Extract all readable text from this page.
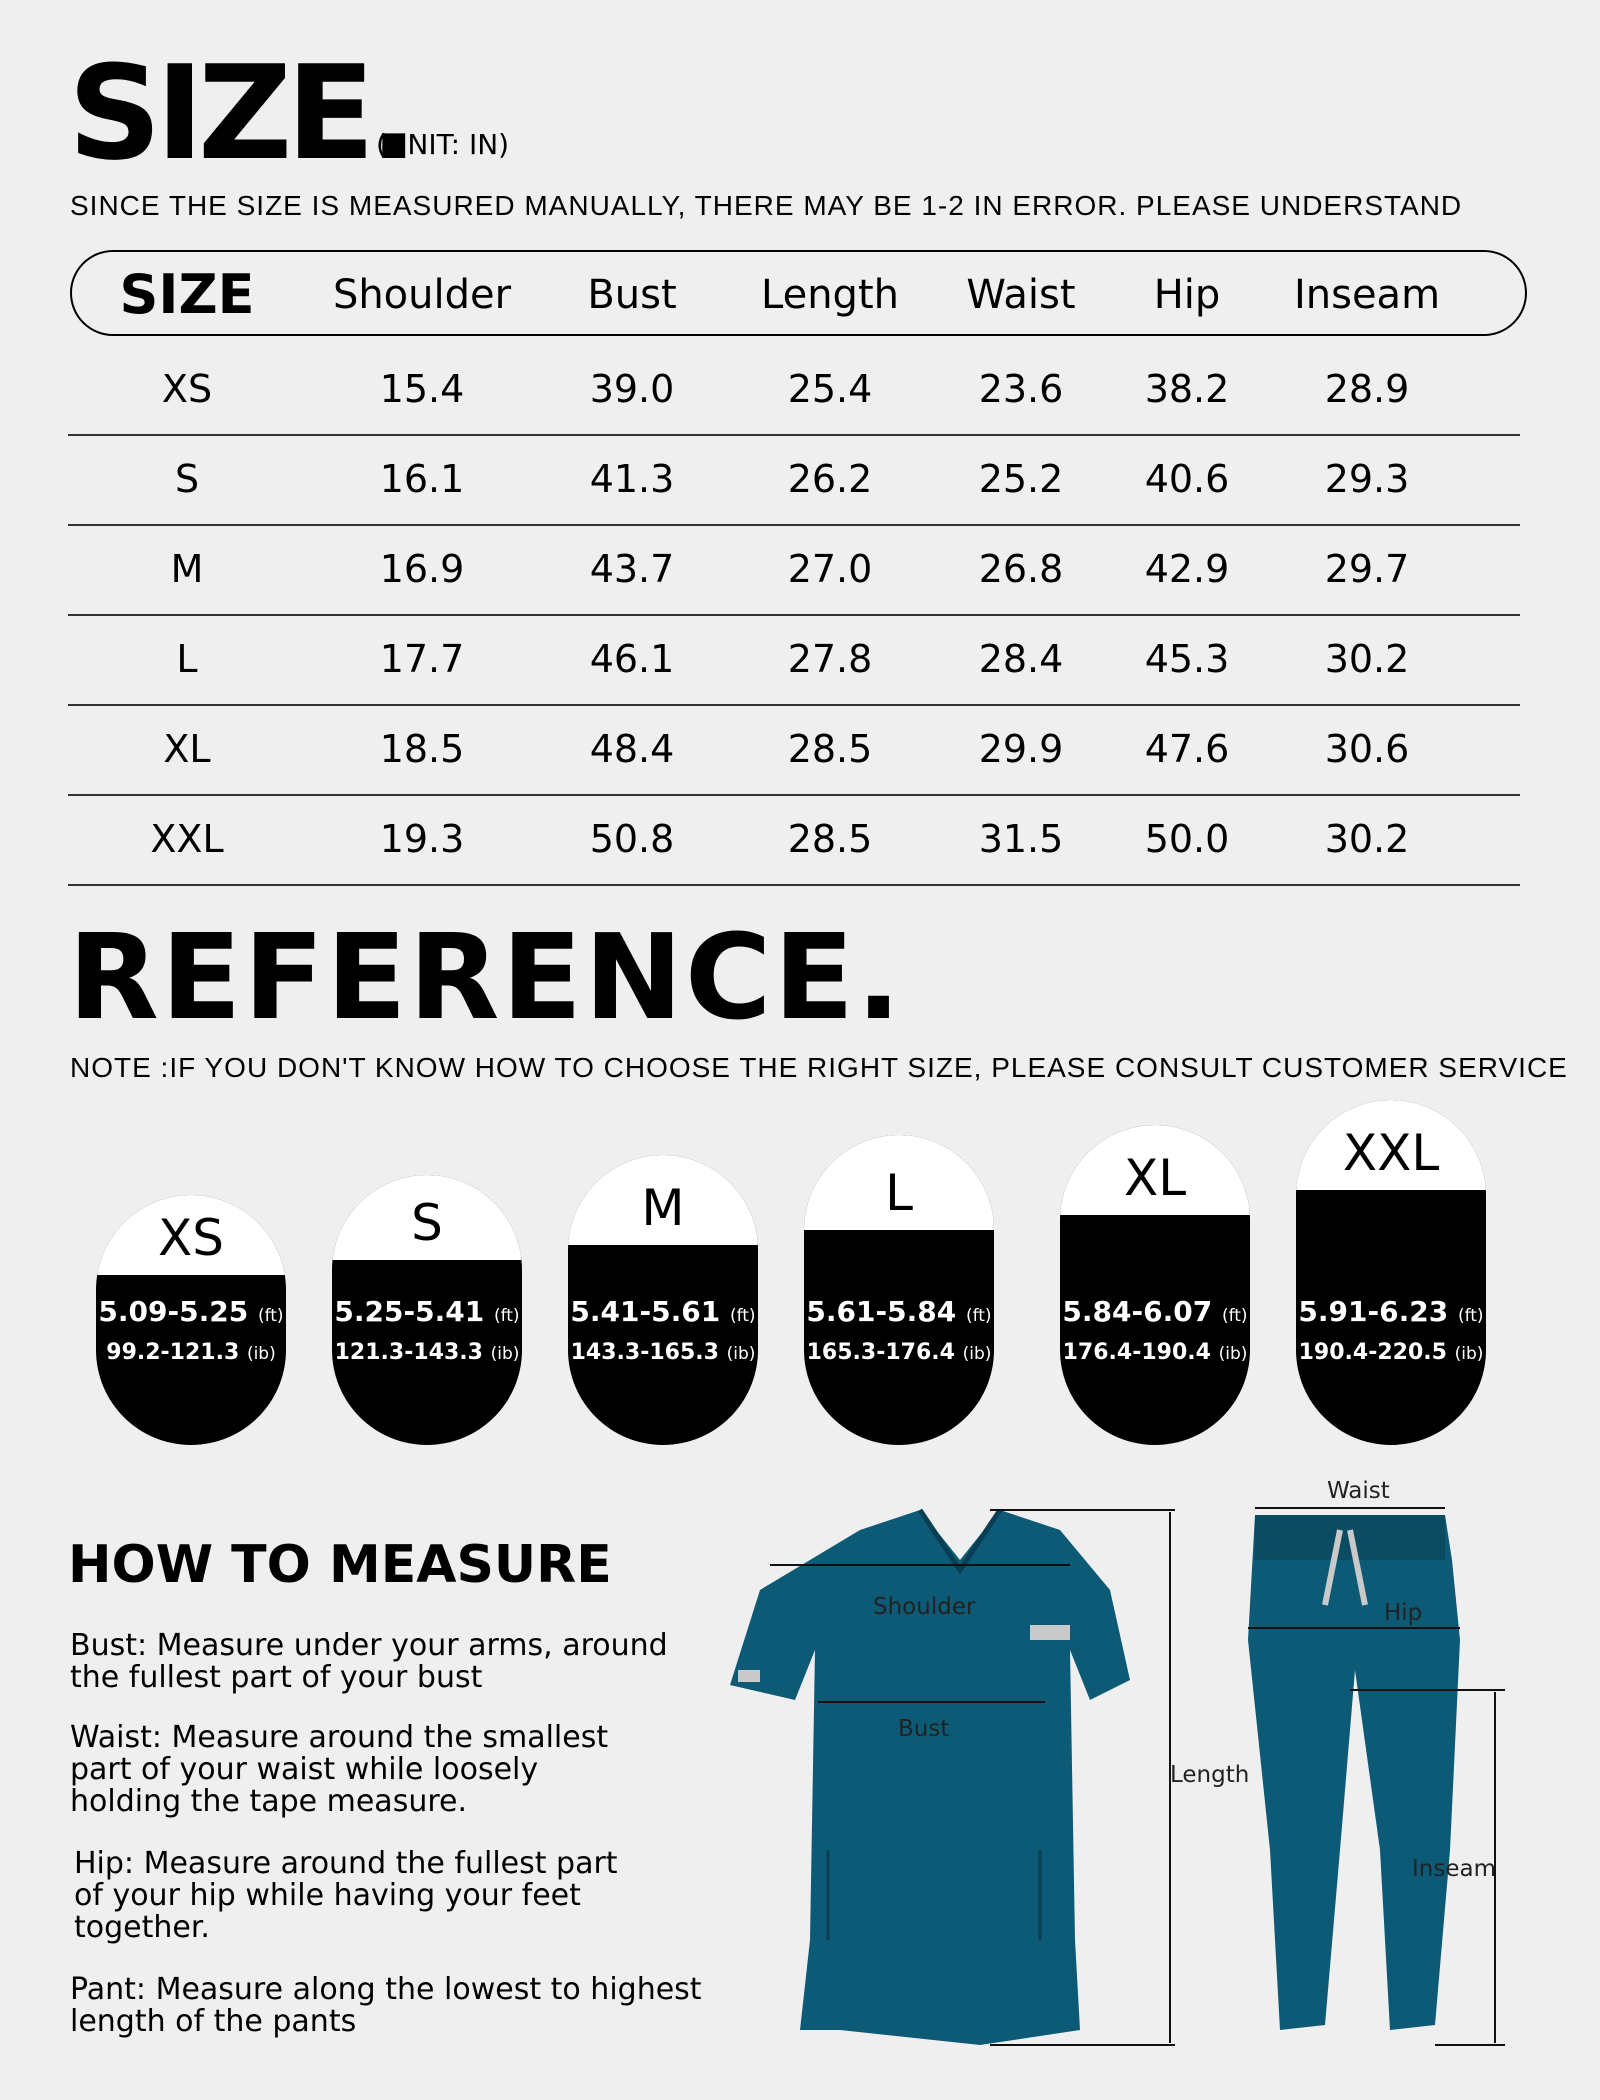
SIZE.
(UNIT: IN)
SINCE THE SIZE IS MEASURED MANUALLY, THERE MAY BE 1-2 IN ERROR. PLEASE UNDERSTAND
SIZE	Shoulder	Bust	Length	Waist	Hip	Inseam
XS	15.4	39.0	25.4	23.6	38.2	28.9
S	16.1	41.3	26.2	25.2	40.6	29.3
M	16.9	43.7	27.0	26.8	42.9	29.7
L	17.7	46.1	27.8	28.4	45.3	30.2
XL	18.5	48.4	28.5	29.9	47.6	30.6
XXL	19.3	50.8	28.5	31.5	50.0	30.2
REFERENCE.
NOTE :IF YOU DON'T KNOW HOW TO CHOOSE THE RIGHT SIZE, PLEASE CONSULT CUSTOMER SERVICE
XS
5.09-5.25 (ft)
99.2-121.3 (ib)
S
5.25-5.41 (ft)
121.3-143.3 (ib)
M
5.41-5.61 (ft)
143.3-165.3 (ib)
L
5.61-5.84 (ft)
165.3-176.4 (ib)
XL
5.84-6.07 (ft)
176.4-190.4 (ib)
XXL
5.91-6.23 (ft)
190.4-220.5 (ib)
HOW TO MEASURE
Bust: Measure under your arms, around the fullest part of your bust
Waist: Measure around the smallest part of your waist while loosely holding the tape measure.
Hip: Measure around the fullest part of your hip while having your feet together.
Pant: Measure along the lowest to highest length of the pants
Shoulder
Bust
Length
Waist
Hip
Inseam
